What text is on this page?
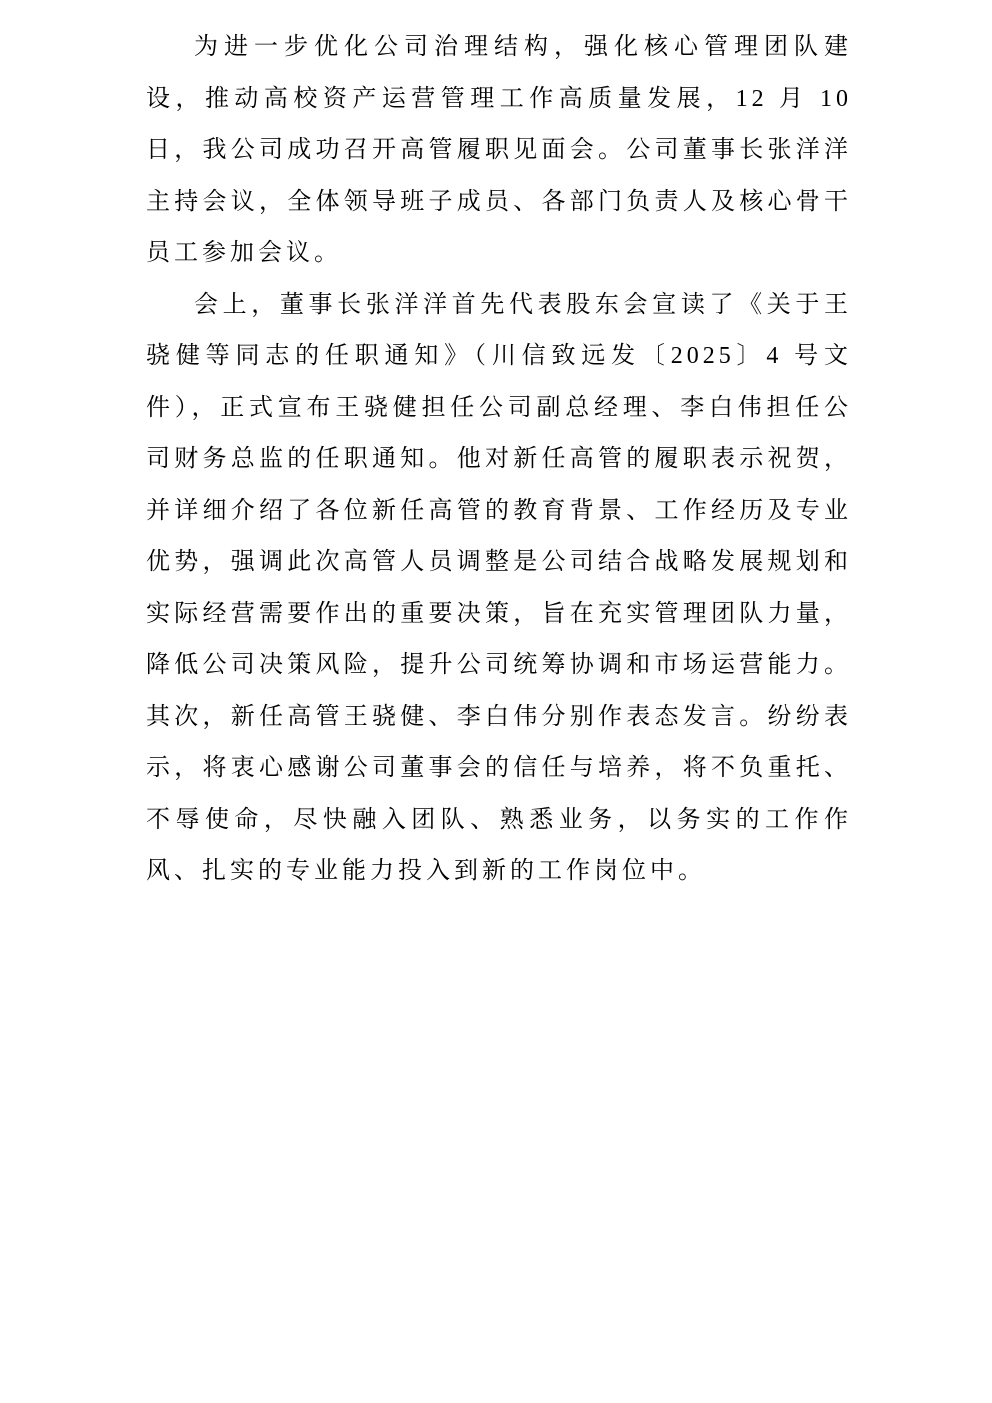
为进一步优化公司治理结构，强化核心管理团队建设，推动高校资产运营管理工作高质量发展，12 月 10 日，我公司成功召开高管履职见面会。公司董事长张洋洋主持会议，全体领导班子成员、各部门负责人及核心骨干员工参加会议。

会上，董事长张洋洋首先代表股东会宣读了《关于王骁健等同志的任职通知》（川信致远发〔2025〕4 号文件），正式宣布王骁健担任公司副总经理、李白伟担任公司财务总监的任职通知。他对新任高管的履职表示祝贺，并详细介绍了各位新任高管的教育背景、工作经历及专业优势，强调此次高管人员调整是公司结合战略发展规划和实际经营需要作出的重要决策，旨在充实管理团队力量，降低公司决策风险，提升公司统筹协调和市场运营能力。其次，新任高管王骁健、李白伟分别作表态发言。纷纷表示，将衷心感谢公司董事会的信任与培养，将不负重托、不辱使命，尽快融入团队、熟悉业务，以务实的工作作风、扎实的专业能力投入到新的工作岗位中。
